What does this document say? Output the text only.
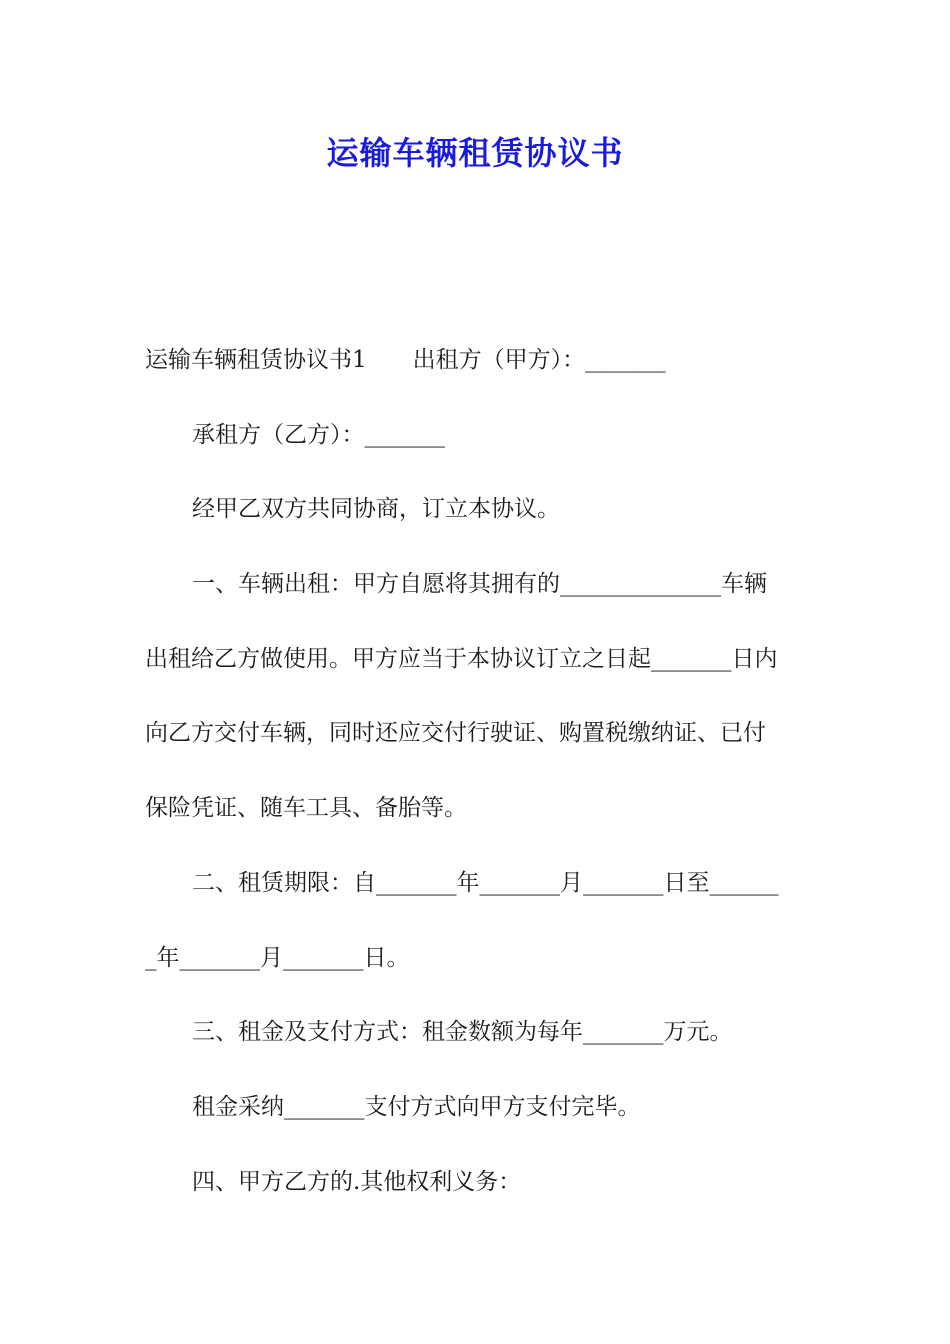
运输车辆租赁协议书

运输车辆租赁协议书1　　出租方（甲方）：_______

承租方（乙方）：_______

经甲乙双方共同协商，订立本协议。

一、车辆出租：甲方自愿将其拥有的______________车辆

出租给乙方做使用。甲方应当于本协议订立之日起_______日内

向乙方交付车辆，同时还应交付行驶证、购置税缴纳证、已付

保险凭证、随车工具、备胎等。

二、租赁期限：自_______年_______月_______日至______

_年_______月_______日。

三、租金及支付方式：租金数额为每年_______万元。

租金采纳_______支付方式向甲方支付完毕。

四、甲方乙方的.其他权利义务：
